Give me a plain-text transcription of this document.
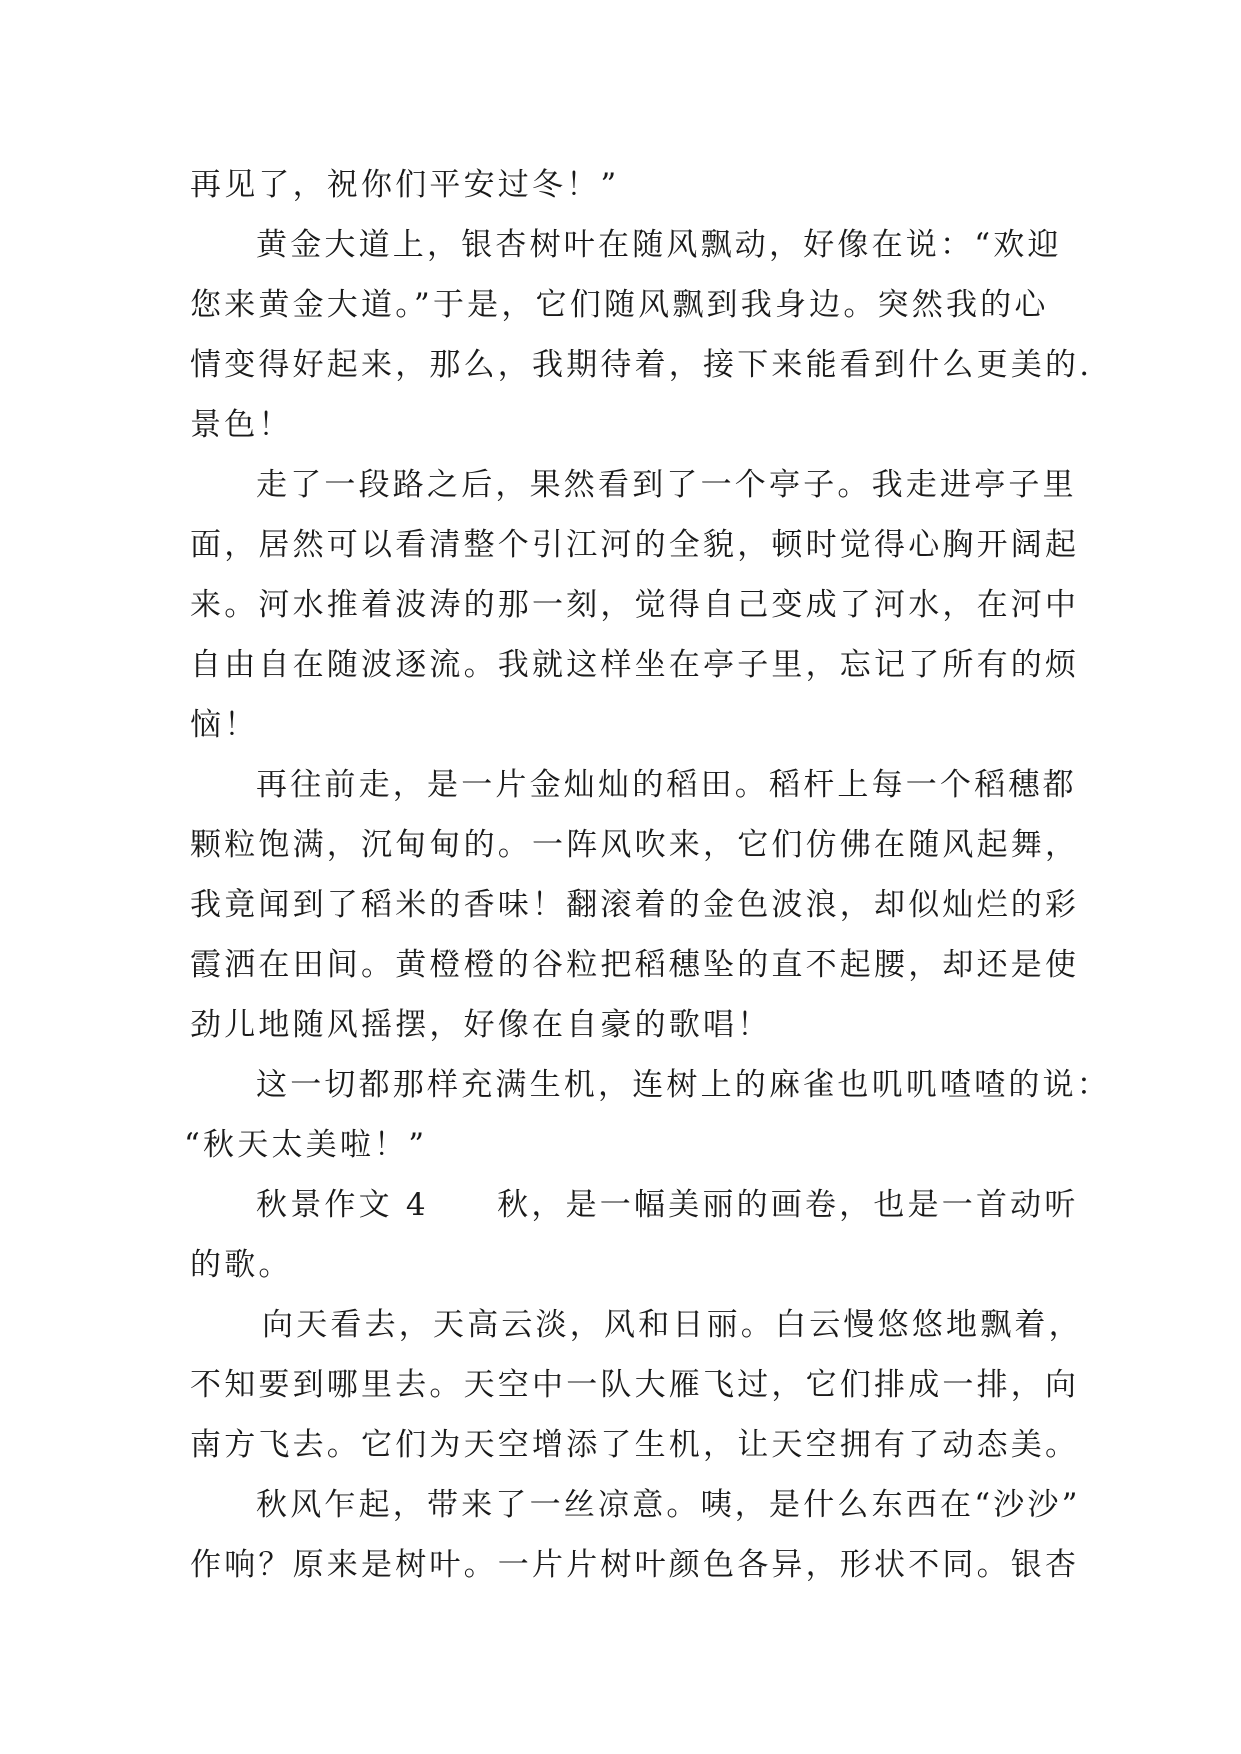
再见了，祝你们平安过冬！”
黄金大道上，银杏树叶在随风飘动，好像在说：“欢迎
您来黄金大道。”于是，它们随风飘到我身边。突然我的心
情变得好起来，那么，我期待着，接下来能看到什么更美的.
景色！
走了一段路之后，果然看到了一个亭子。我走进亭子里
面，居然可以看清整个引江河的全貌，顿时觉得心胸开阔起
来。河水推着波涛的那一刻，觉得自己变成了河水，在河中
自由自在随波逐流。我就这样坐在亭子里，忘记了所有的烦
恼！
再往前走，是一片金灿灿的稻田。稻杆上每一个稻穗都
颗粒饱满，沉甸甸的。一阵风吹来，它们仿佛在随风起舞，
我竟闻到了稻米的香味！翻滚着的金色波浪，却似灿烂的彩
霞洒在田间。黄橙橙的谷粒把稻穗坠的直不起腰，却还是使
劲儿地随风摇摆，好像在自豪的歌唱！
这一切都那样充满生机，连树上的麻雀也叽叽喳喳的说：
“秋天太美啦！”
秋景作文 4　　秋，是一幅美丽的画卷，也是一首动听
的歌。
向天看去，天高云淡，风和日丽。白云慢悠悠地飘着，
不知要到哪里去。天空中一队大雁飞过，它们排成一排，向
南方飞去。它们为天空增添了生机，让天空拥有了动态美。
秋风乍起，带来了一丝凉意。咦，是什么东西在“沙沙”
作响？原来是树叶。一片片树叶颜色各异，形状不同。银杏
